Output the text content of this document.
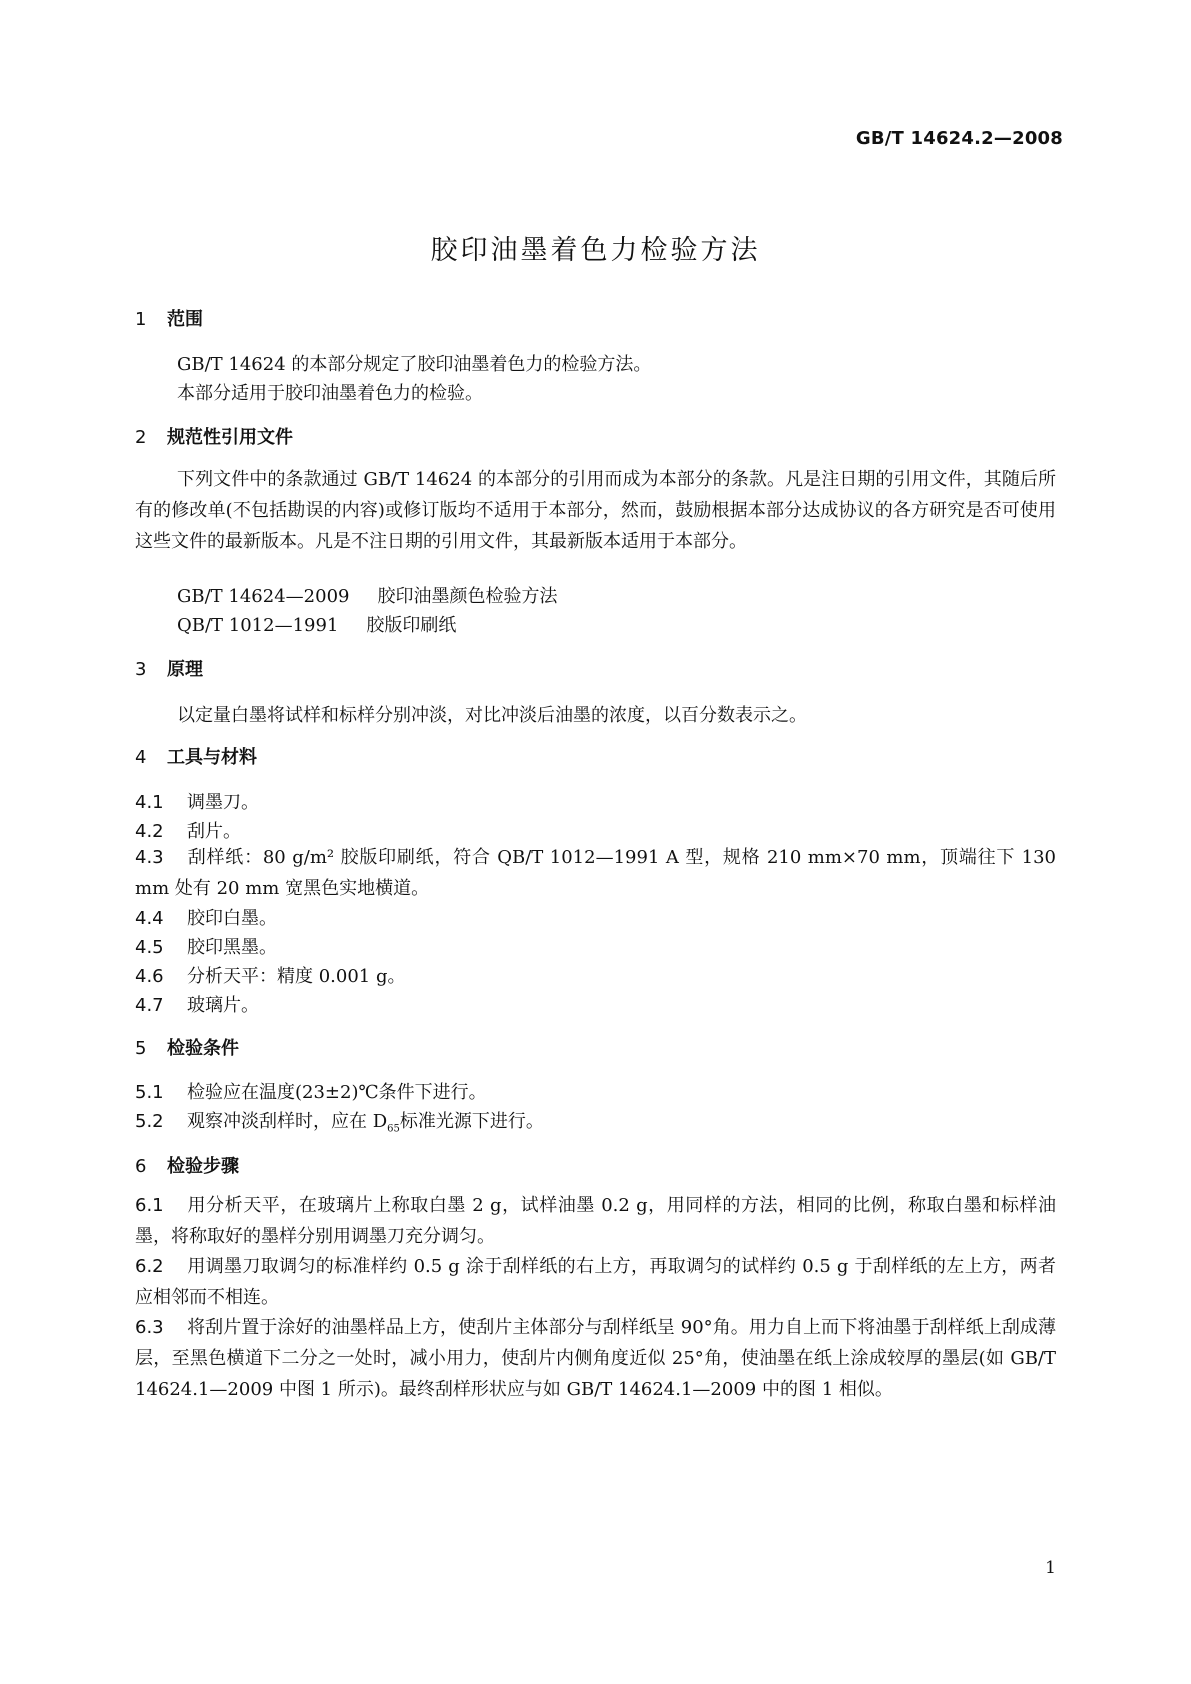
GB/T 14624.2—2008
胶印油墨着色力检验方法
1 范围
GB/T 14624 的本部分规定了胶印油墨着色力的检验方法。
本部分适用于胶印油墨着色力的检验。
2 规范性引用文件
下列文件中的条款通过 GB/T 14624 的本部分的引用而成为本部分的条款。凡是注日期的引用文件，其随后所有的修改单(不包括勘误的内容)或修订版均不适用于本部分，然而，鼓励根据本部分达成协议的各方研究是否可使用这些文件的最新版本。凡是不注日期的引用文件，其最新版本适用于本部分。
GB/T 14624—2009 胶印油墨颜色检验方法
QB/T 1012—1991 胶版印刷纸
3 原理
以定量白墨将试样和标样分别冲淡，对比冲淡后油墨的浓度，以百分数表示之。
4 工具与材料
4.1 调墨刀。
4.2 刮片。
4.3 刮样纸：80 g/m² 胶版印刷纸，符合 QB/T 1012—1991 A 型，规格 210 mm×70 mm，顶端往下 130 mm 处有 20 mm 宽黑色实地横道。
4.4 胶印白墨。
4.5 胶印黑墨。
4.6 分析天平：精度 0.001 g。
4.7 玻璃片。
5 检验条件
5.1 检验应在温度(23±2)℃条件下进行。
5.2 观察冲淡刮样时，应在 $D_{65}$标准光源下进行。
6 检验步骤
6.1 用分析天平，在玻璃片上称取白墨 2 g，试样油墨 0.2 g，用同样的方法，相同的比例，称取白墨和标样油墨，将称取好的墨样分别用调墨刀充分调匀。
6.2 用调墨刀取调匀的标准样约 0.5 g 涂于刮样纸的右上方，再取调匀的试样约 0.5 g 于刮样纸的左上方，两者应相邻而不相连。
6.3 将刮片置于涂好的油墨样品上方，使刮片主体部分与刮样纸呈 90°角。用力自上而下将油墨于刮样纸上刮成薄层，至黑色横道下二分之一处时，减小用力，使刮片内侧角度近似 25°角，使油墨在纸上涂成较厚的墨层(如 GB/T 14624.1—2009 中图 1 所示)。最终刮样形状应与如 GB/T 14624.1—2009 中的图 1 相似。
1
